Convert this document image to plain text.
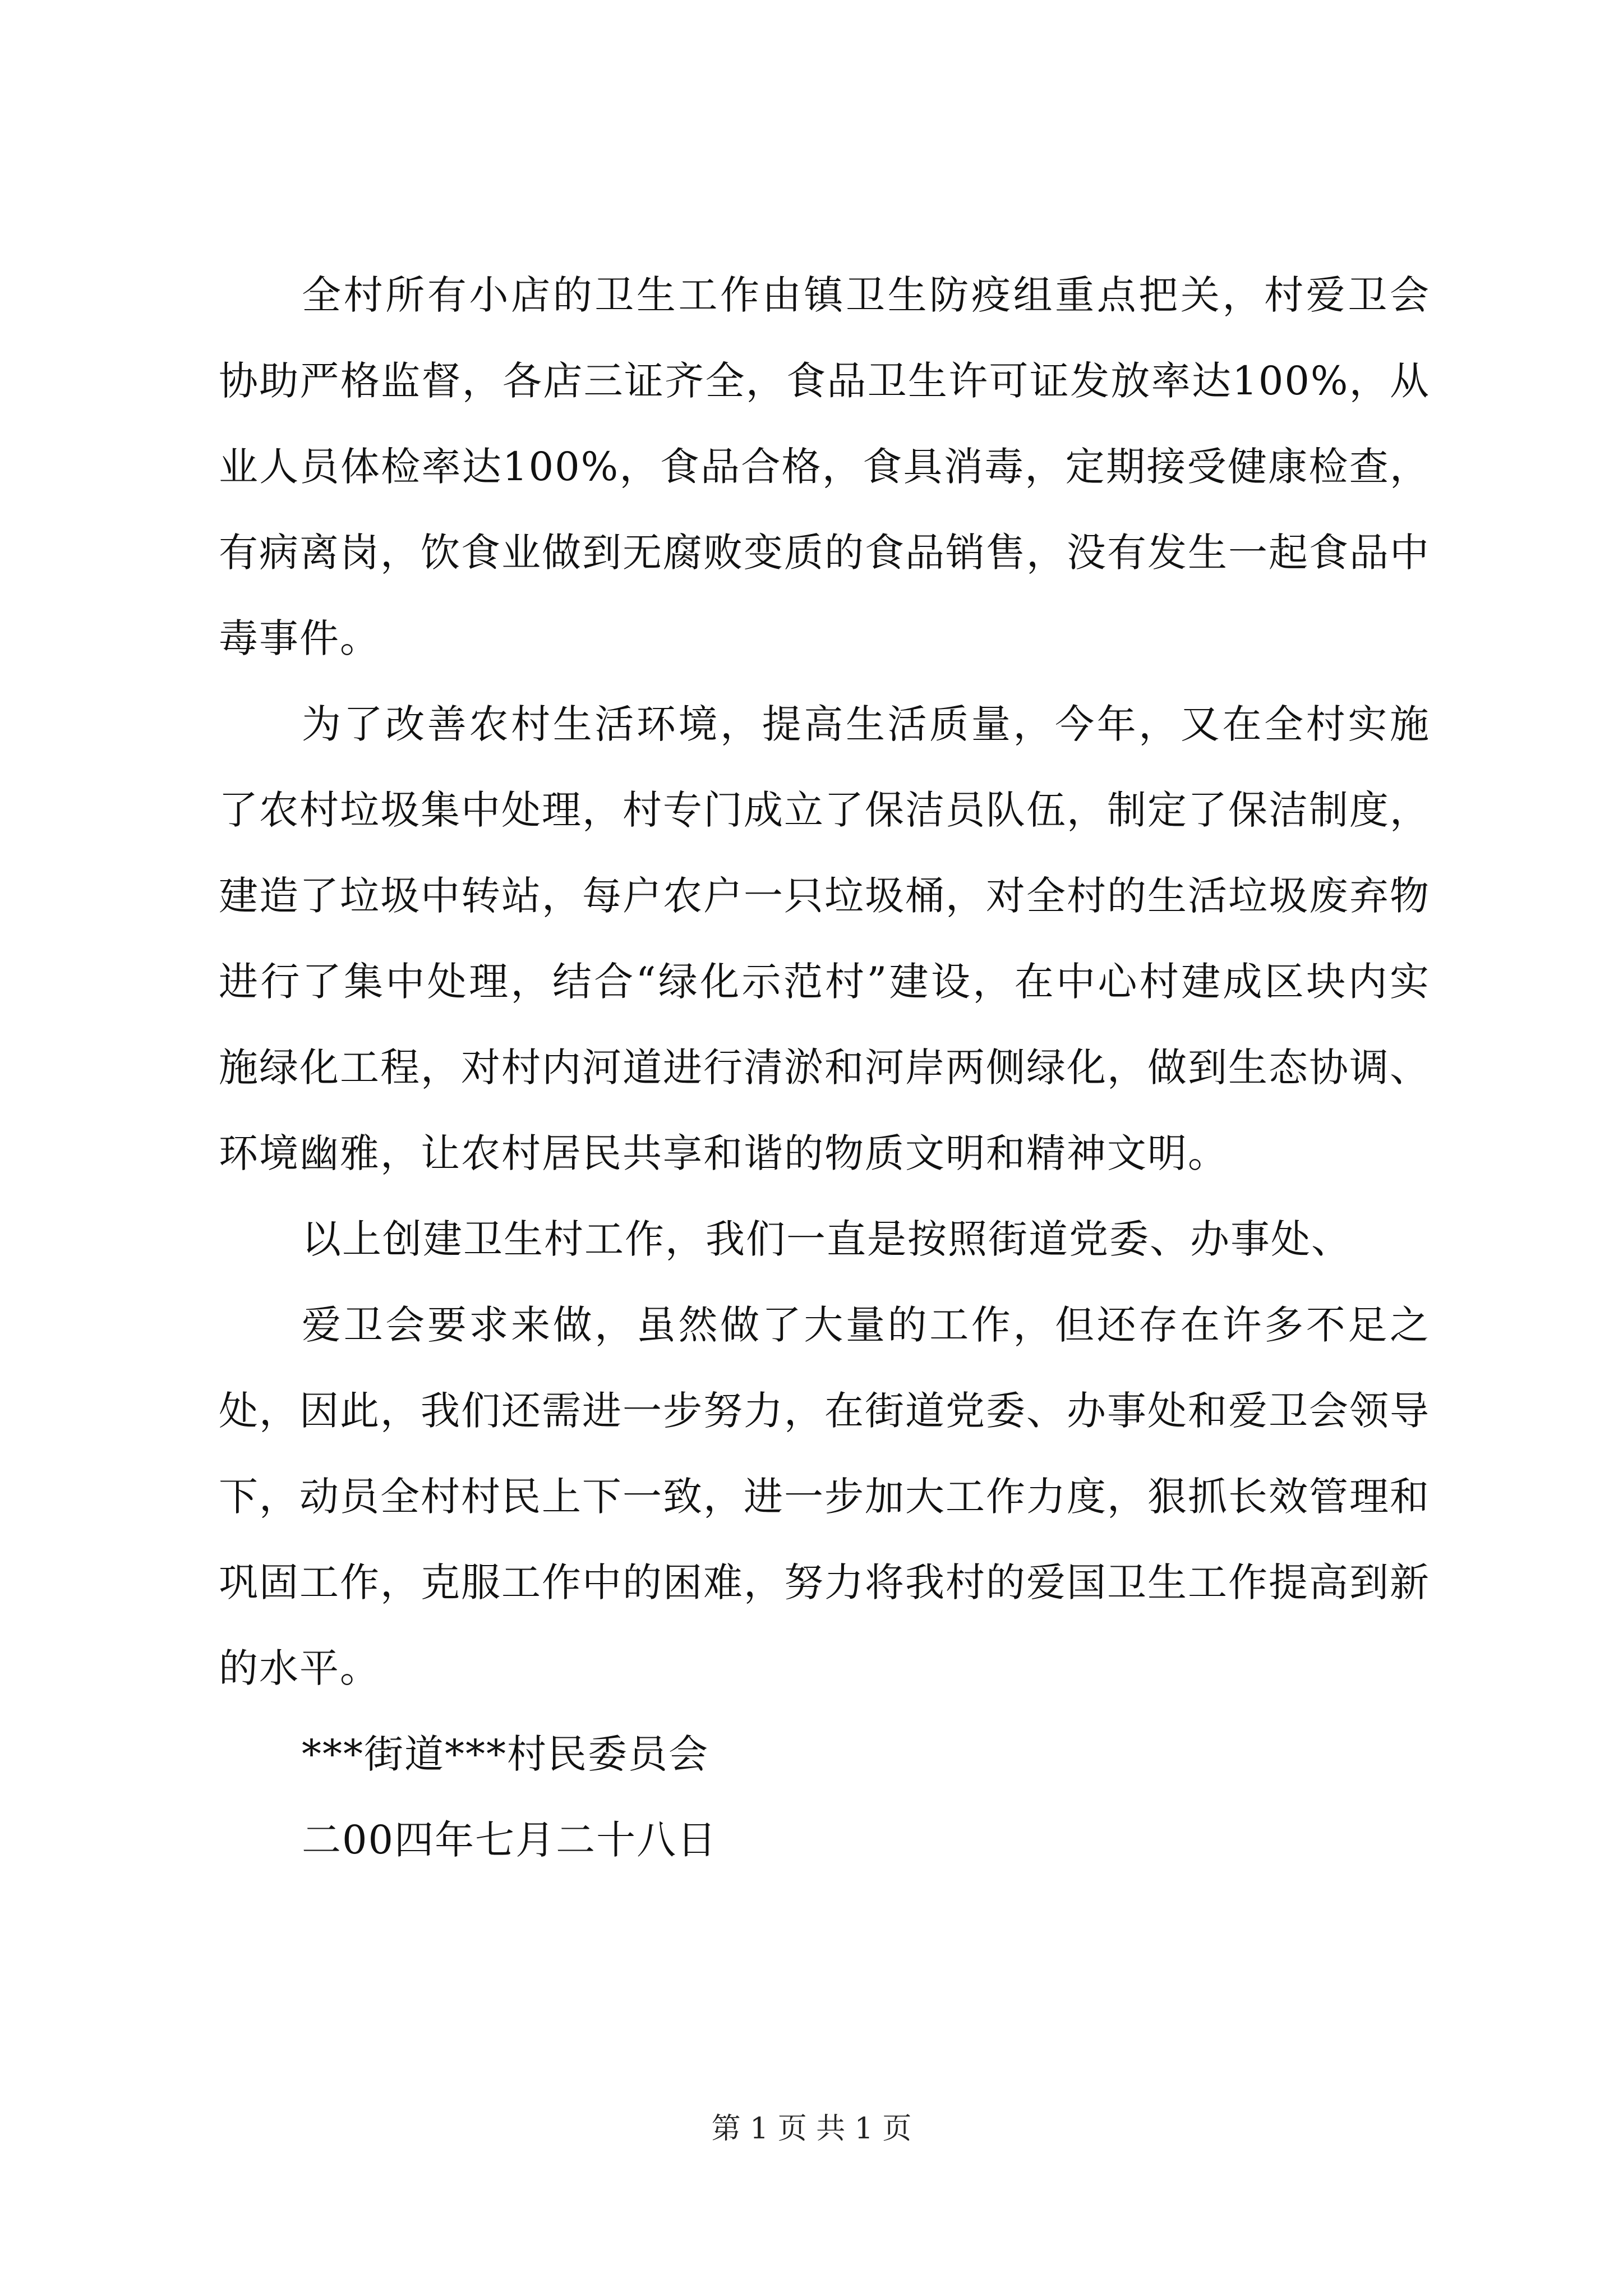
全村所有小店的卫生工作由镇卫生防疫组重点把关，村爱卫会协助严格监督，各店三证齐全，食品卫生许可证发放率达100%，从业人员体检率达100%，食品合格，食具消毒，定期接受健康检查，有病离岗，饮食业做到无腐败变质的食品销售，没有发生一起食品中毒事件。

为了改善农村生活环境，提高生活质量，今年，又在全村实施了农村垃圾集中处理，村专门成立了保洁员队伍，制定了保洁制度，建造了垃圾中转站，每户农户一只垃圾桶，对全村的生活垃圾废弃物进行了集中处理，结合“绿化示范村”建设，在中心村建成区块内实施绿化工程，对村内河道进行清淤和河岸两侧绿化，做到生态协调、环境幽雅，让农村居民共享和谐的物质文明和精神文明。

以上创建卫生村工作，我们一直是按照街道党委、办事处、

爱卫会要求来做，虽然做了大量的工作，但还存在许多不足之处，因此，我们还需进一步努力，在街道党委、办事处和爱卫会领导下，动员全村村民上下一致，进一步加大工作力度，狠抓长效管理和巩固工作，克服工作中的困难，努力将我村的爱国卫生工作提高到新的水平。

***街道***村民委员会

二00四年七月二十八日

第 1 页 共 1 页
